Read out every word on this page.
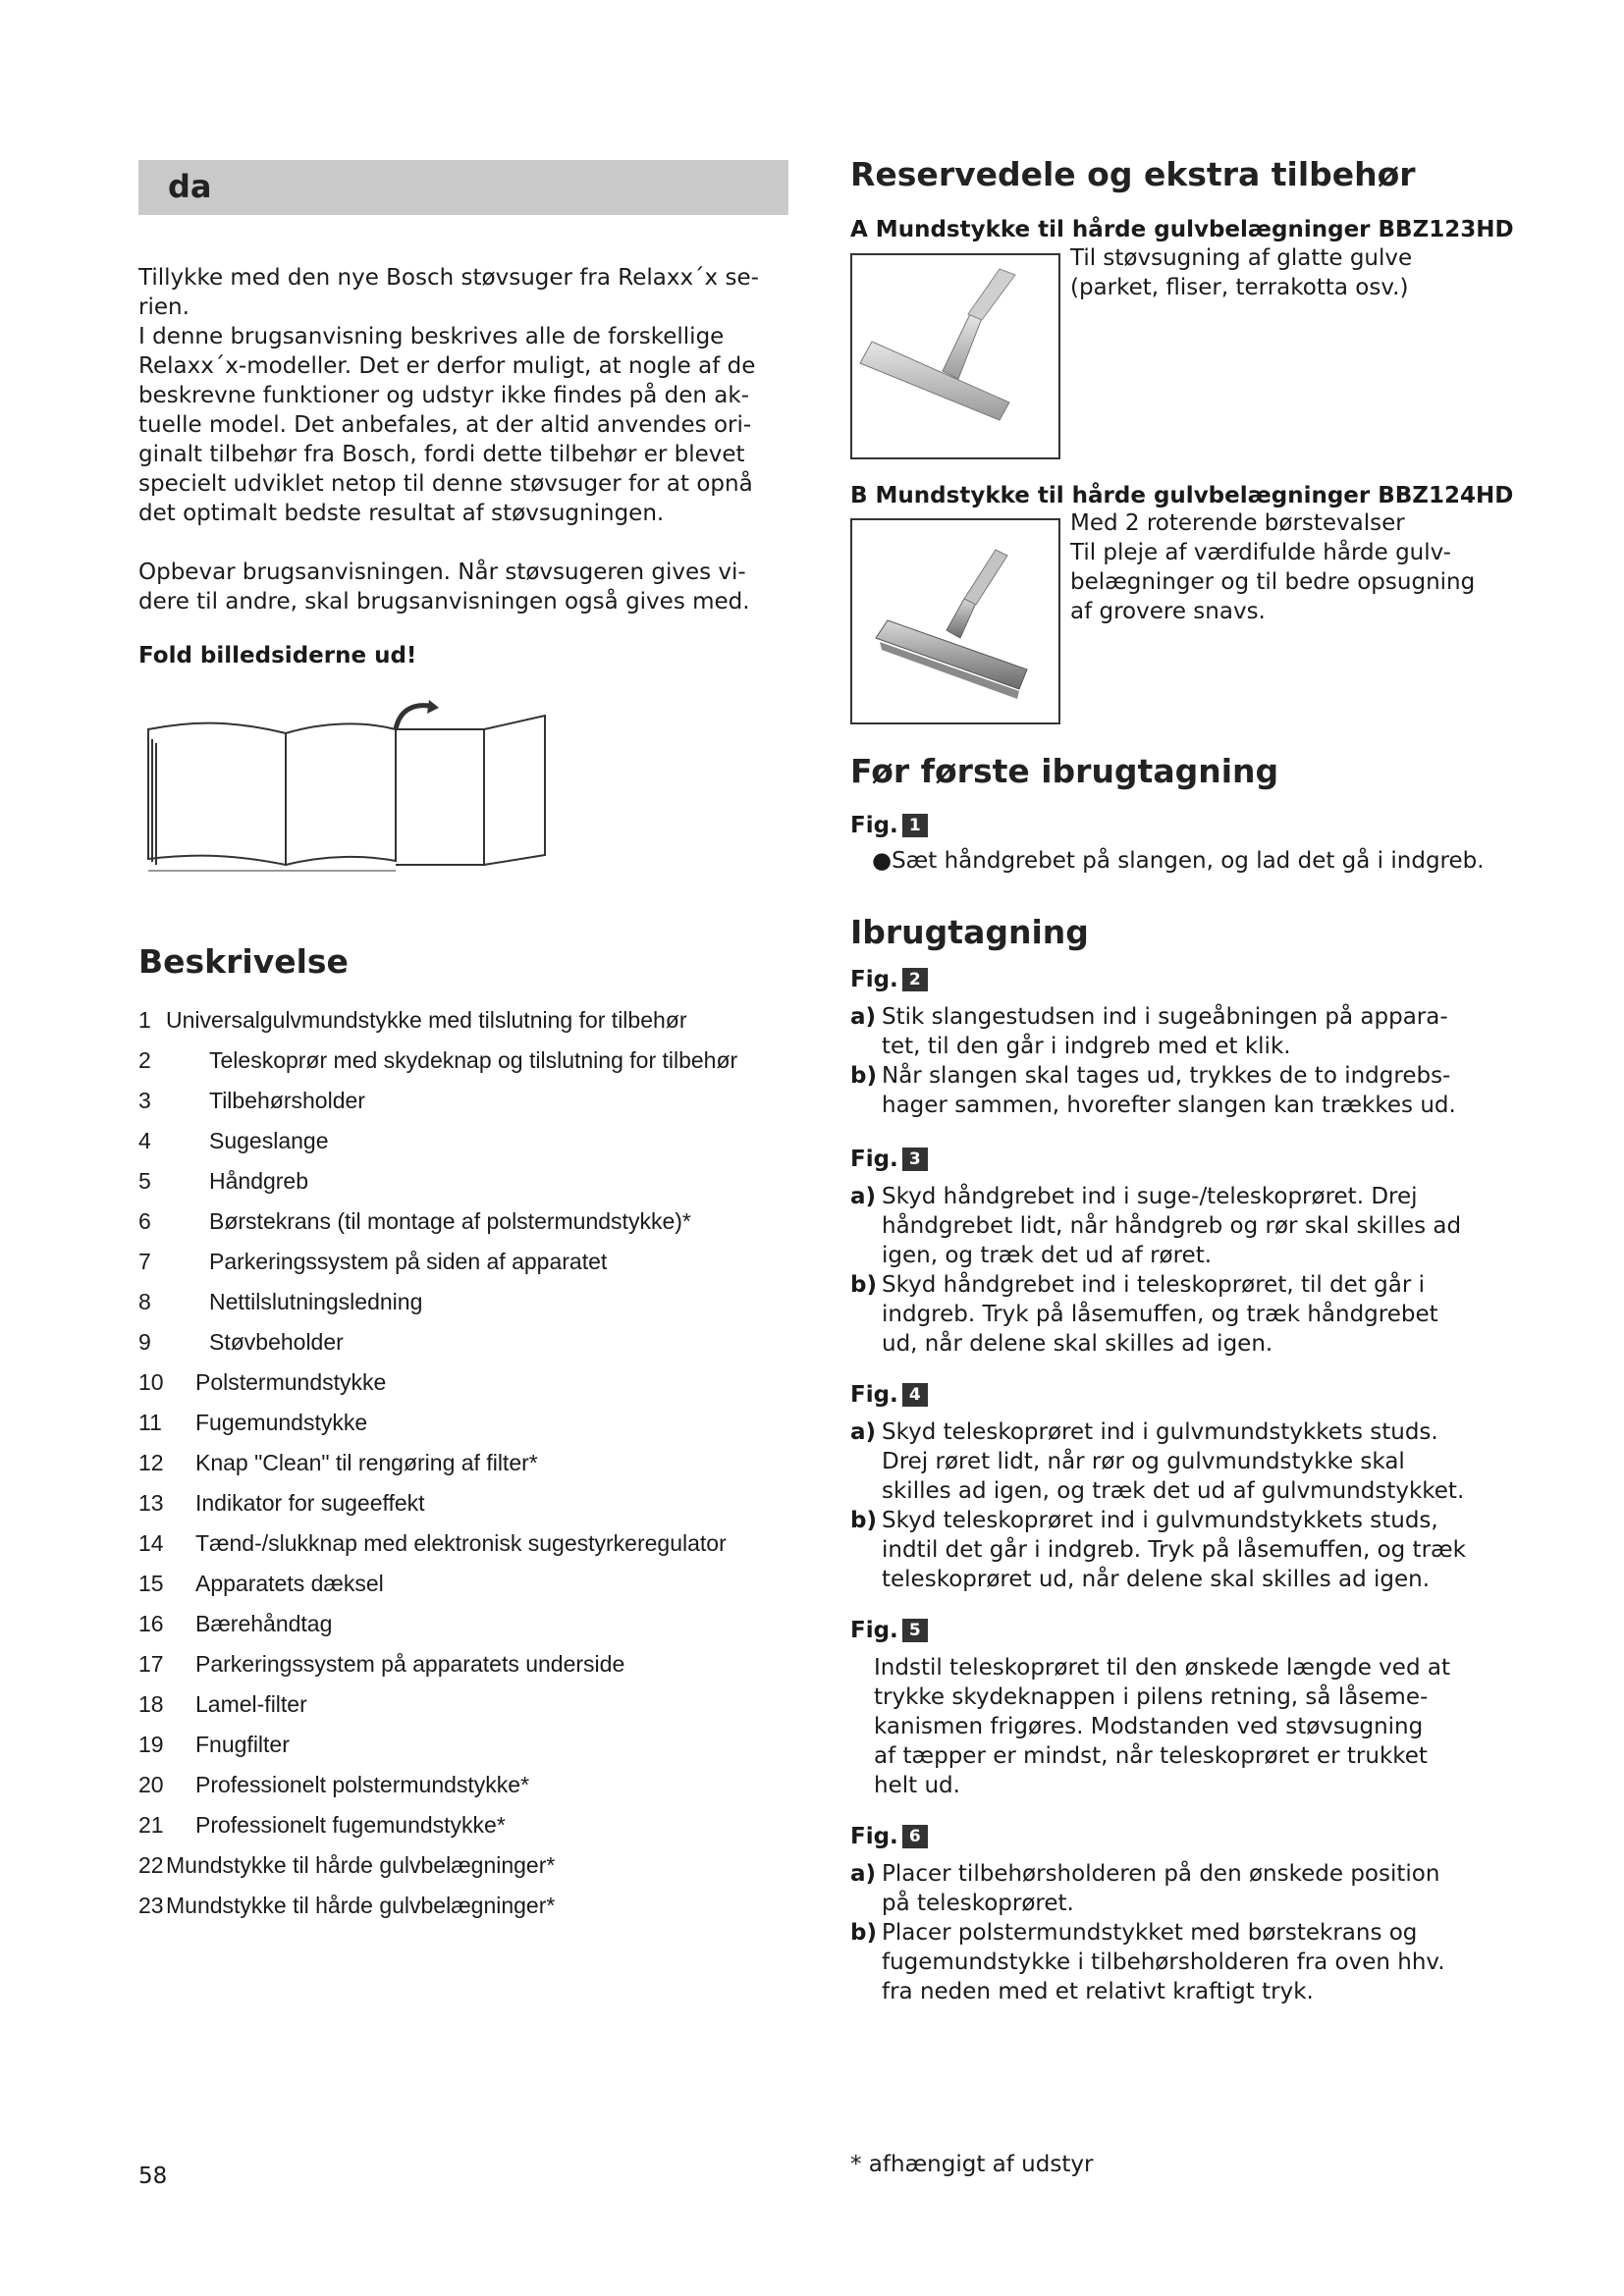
da

Tillykke med den nye Bosch støvsuger fra Relaxx´x se-
rien.
I denne brugsanvisning beskrives alle de forskellige
Relaxx´x-modeller. Det er derfor muligt, at nogle af de
beskrevne funktioner og udstyr ikke findes på den ak-
tuelle model. Det anbefales, at der altid anvendes ori-
ginalt tilbehør fra Bosch, fordi dette tilbehør er blevet
specielt udviklet netop til denne støvsuger for at opnå
det optimalt bedste resultat af støvsugningen.

Opbevar brugsanvisningen. Når støvsugeren gives vi-
dere til andre, skal brugsanvisningen også gives med.

Fold billedsiderne ud!
Beskrivelse
1 Universalgulvmundstykke med tilslutning for tilbehør
2	Teleskoprør med skydeknap og tilslutning for tilbehør
3	Tilbehørsholder
4	Sugeslange
5	Håndgreb
6	Børstekrans (til montage af polstermundstykke)*
7	Parkeringssystem på siden af apparatet
8	Nettilslutningsledning
9	Støvbeholder
10 Polstermundstykke
11 Fugemundstykke
12 Knap "Clean" til rengøring af filter*
13 Indikator for sugeeffekt
14 Tænd-/slukknap med elektronisk sugestyrkeregulator
15 Apparatets dæksel
16 Bærehåndtag
17 Parkeringssystem på apparatets underside
18 Lamel-filter
19 Fnugfilter
20 Professionelt polstermundstykke*
21 Professionelt fugemundstykke*
22 Mundstykke til hårde gulvbelægninger*
23 Mundstykke til hårde gulvbelægninger*
58
Reservedele og ekstra tilbehør
A Mundstykke til hårde gulvbelægninger BBZ123HD
Til støvsugning af glatte gulve
(parket, fliser, terrakotta osv.)
B Mundstykke til hårde gulvbelægninger BBZ124HD
Med 2 roterende børstevalser
Til pleje af værdifulde hårde gulv-
belægninger og til bedre opsugning
af grovere snavs.
Før første ibrugtagning
Fig. 1
●Sæt håndgrebet på slangen, og lad det gå i indgreb.
Ibrugtagning
Fig. 2
a) Stik slangestudsen ind i sugeåbningen på appara-
tet, til den går i indgreb med et klik.
b) Når slangen skal tages ud, trykkes de to indgrebs-
hager sammen, hvorefter slangen kan trækkes ud.
Fig. 3
a) Skyd håndgrebet ind i suge-/teleskoprøret. Drej
håndgrebet lidt, når håndgreb og rør skal skilles ad
igen, og træk det ud af røret.
b) Skyd håndgrebet ind i teleskoprøret, til det går i
indgreb. Tryk på låsemuffen, og træk håndgrebet
ud, når delene skal skilles ad igen.
Fig. 4
a) Skyd teleskoprøret ind i gulvmundstykkets studs.
Drej røret lidt, når rør og gulvmundstykke skal
skilles ad igen, og træk det ud af gulvmundstykket.
b) Skyd teleskoprøret ind i gulvmundstykkets studs,
indtil det går i indgreb. Tryk på låsemuffen, og træk
teleskoprøret ud, når delene skal skilles ad igen.
Fig. 5
Indstil teleskoprøret til den ønskede længde ved at
trykke skydeknappen i pilens retning, så låseme-
kanismen frigøres. Modstanden ved støvsugning
af tæpper er mindst, når teleskoprøret er trukket
helt ud.
Fig. 6
a) Placer tilbehørsholderen på den ønskede position
på teleskoprøret.
b) Placer polstermundstykket med børstekrans og
fugemundstykke i tilbehørsholderen fra oven hhv.
fra neden med et relativt kraftigt tryk.
* afhængigt af udstyr
